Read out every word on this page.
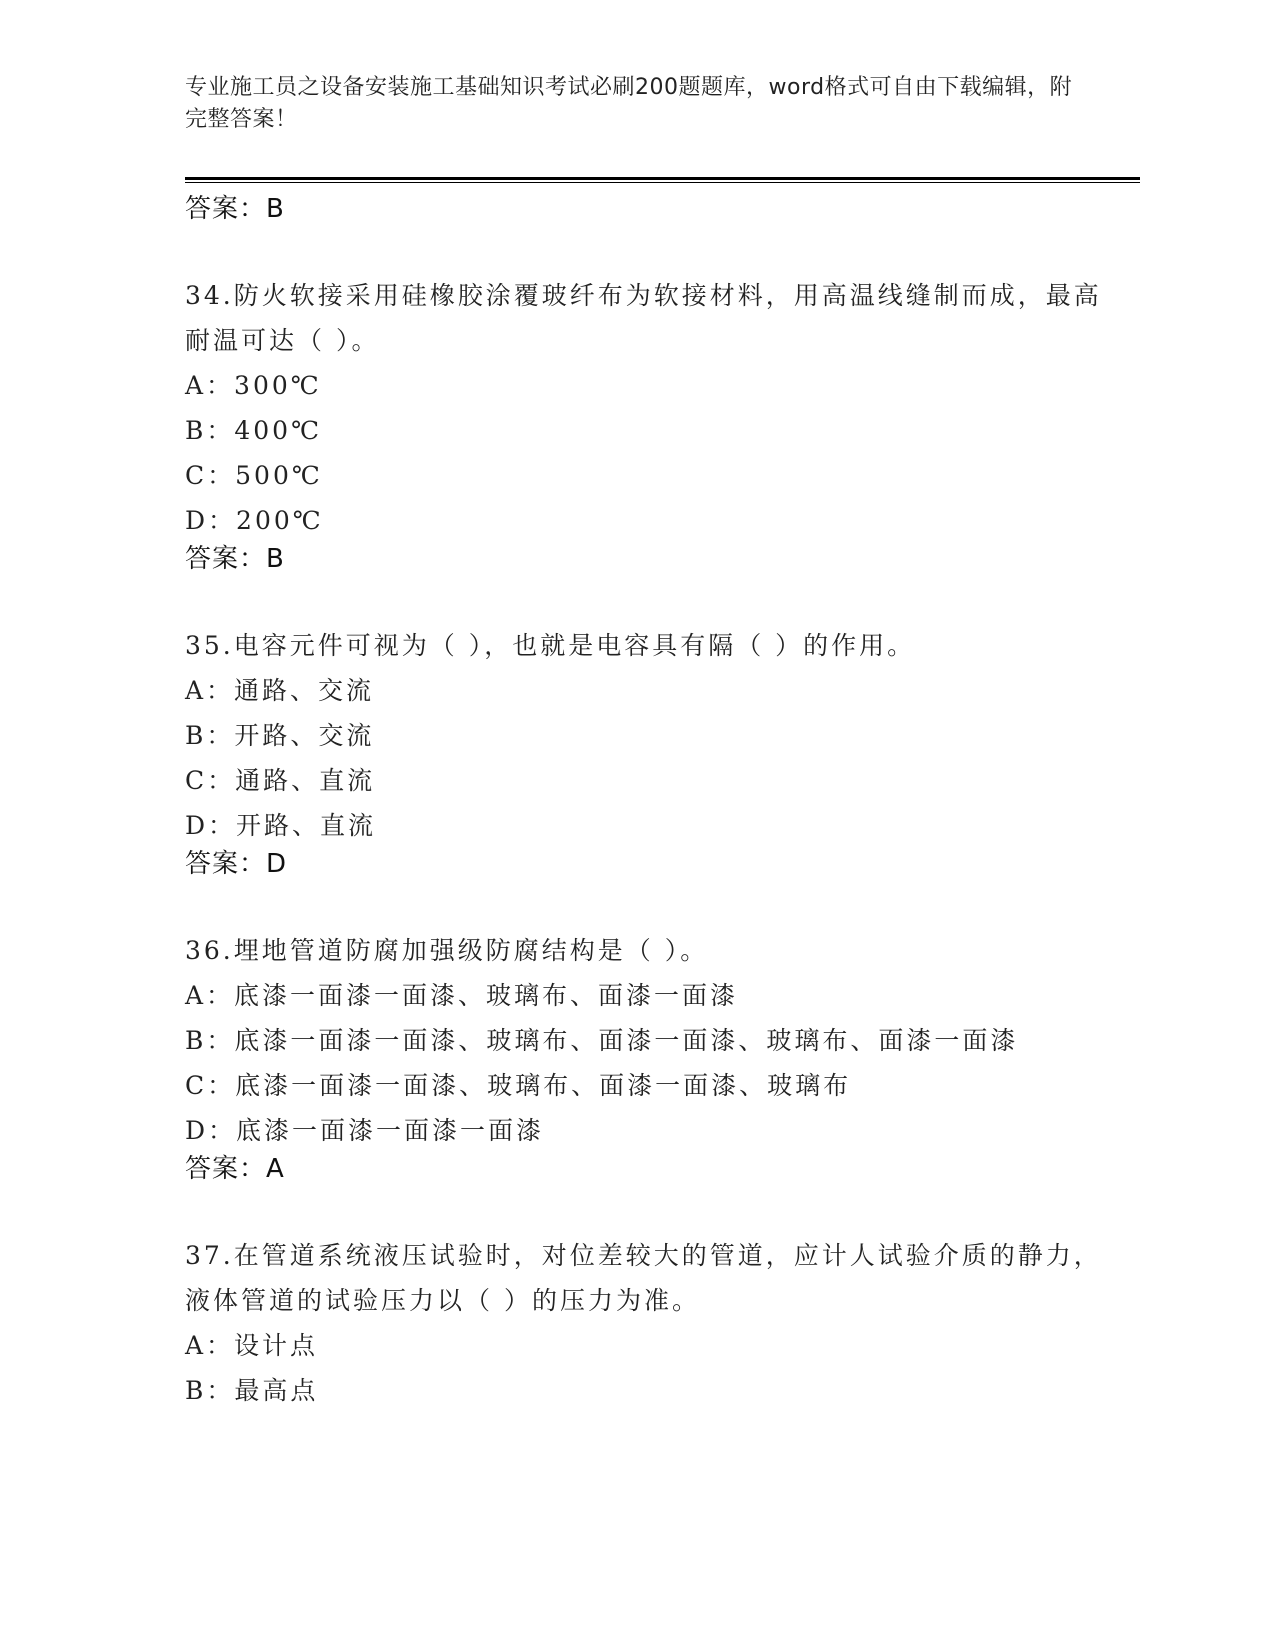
专业施工员之设备安装施工基础知识考试必刷200题题库，word格式可自由下载编辑，附完整答案！
答案：B
34.防火软接采用硅橡胶涂覆玻纤布为软接材料，用高温线缝制而成，最高耐温可达（ ）。
A：300℃
B：400℃
C：500℃
D：200℃
答案：B
35.电容元件可视为（ ），也就是电容具有隔（ ）的作用。
A：通路、交流
B：开路、交流
C：通路、直流
D：开路、直流
答案：D
36.埋地管道防腐加强级防腐结构是（ ）。
A：底漆一面漆一面漆、玻璃布、面漆一面漆
B：底漆一面漆一面漆、玻璃布、面漆一面漆、玻璃布、面漆一面漆
C：底漆一面漆一面漆、玻璃布、面漆一面漆、玻璃布
D：底漆一面漆一面漆一面漆
答案：A
37.在管道系统液压试验时，对位差较大的管道，应计人试验介质的静力，液体管道的试验压力以（ ）的压力为准。
A：设计点
B：最高点
